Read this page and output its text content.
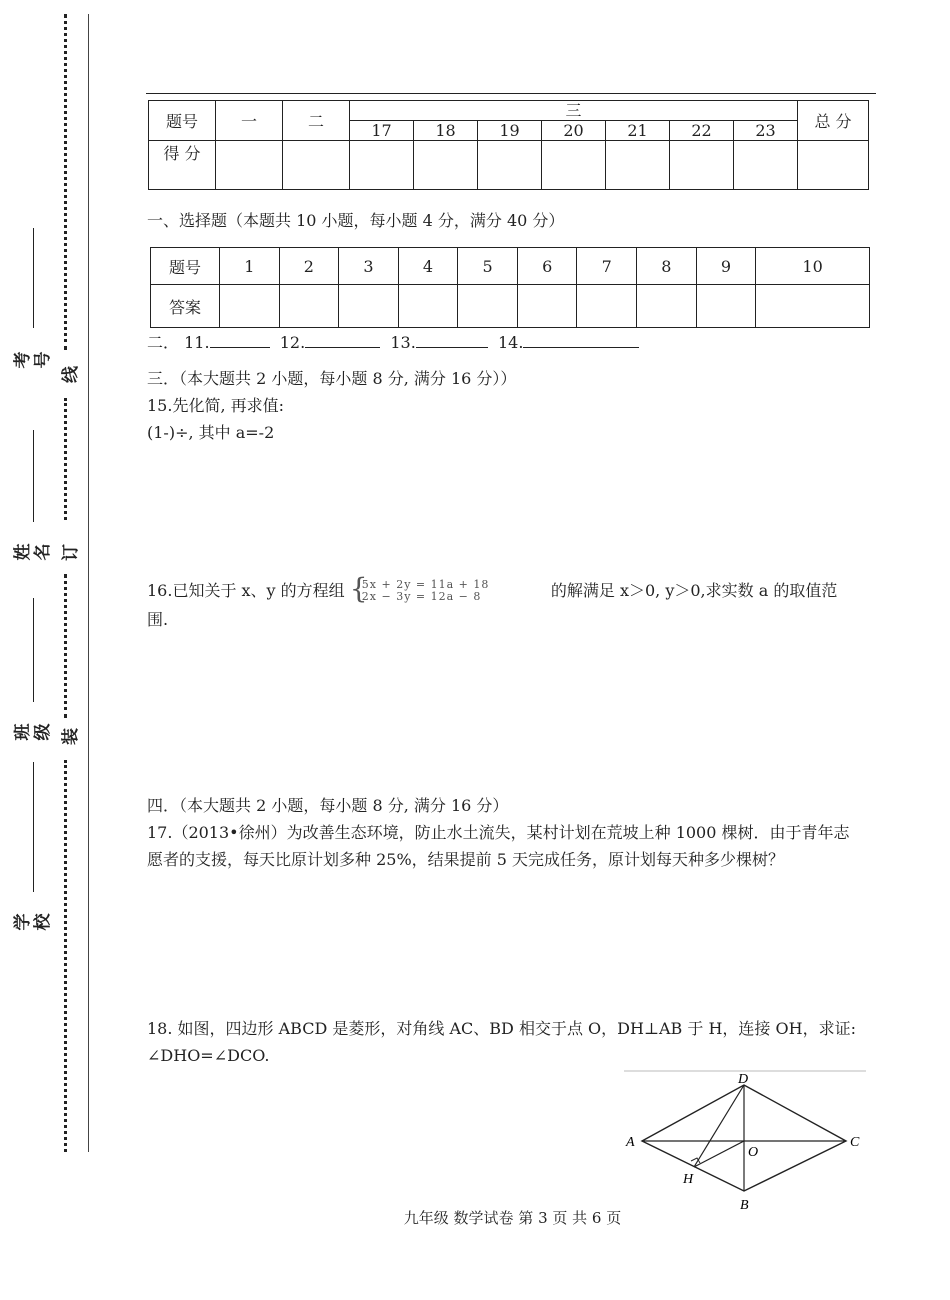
线
订
装
考号
姓名
班级
学校
题号	一	二	三							总 分
			17	18	19	20	21	22	23	
得 分										
一、选择题（本题共 10 小题，每小题 4 分，满分 40 分）
题号	1	2	3	4	5	6	7	8	9	10
答案										
二． 11.	12.	13.	14.
三．（本大题共 2 小题，每小题 8 分, 满分 16 分））
15.先化简, 再求值:
(1-)÷, 其中 a=-2
16.已知关于 x、y 的方程组 {
5x + 2y = 11a + 18
2x − 3y = 12a − 8	的解满足 x＞0, y＞0,求实数 a 的取值范
围.
四．（本大题共 2 小题，每小题 8 分, 满分 16 分）
17.（2013•徐州）为改善生态环境，防止水土流失，某村计划在荒坡上种 1000 棵树．由于青年志
愿者的支援，每天比原计划多种 25%，结果提前 5 天完成任务，原计划每天种多少棵树？
18. 如图，四边形 ABCD 是菱形，对角线 AC、BD 相交于点 O，DH⊥AB 于 H，连接 OH，求证:
∠DHO=∠DCO.
A
D
C
B
O
H
九年级 数学试卷 第 3 页 共 6 页
